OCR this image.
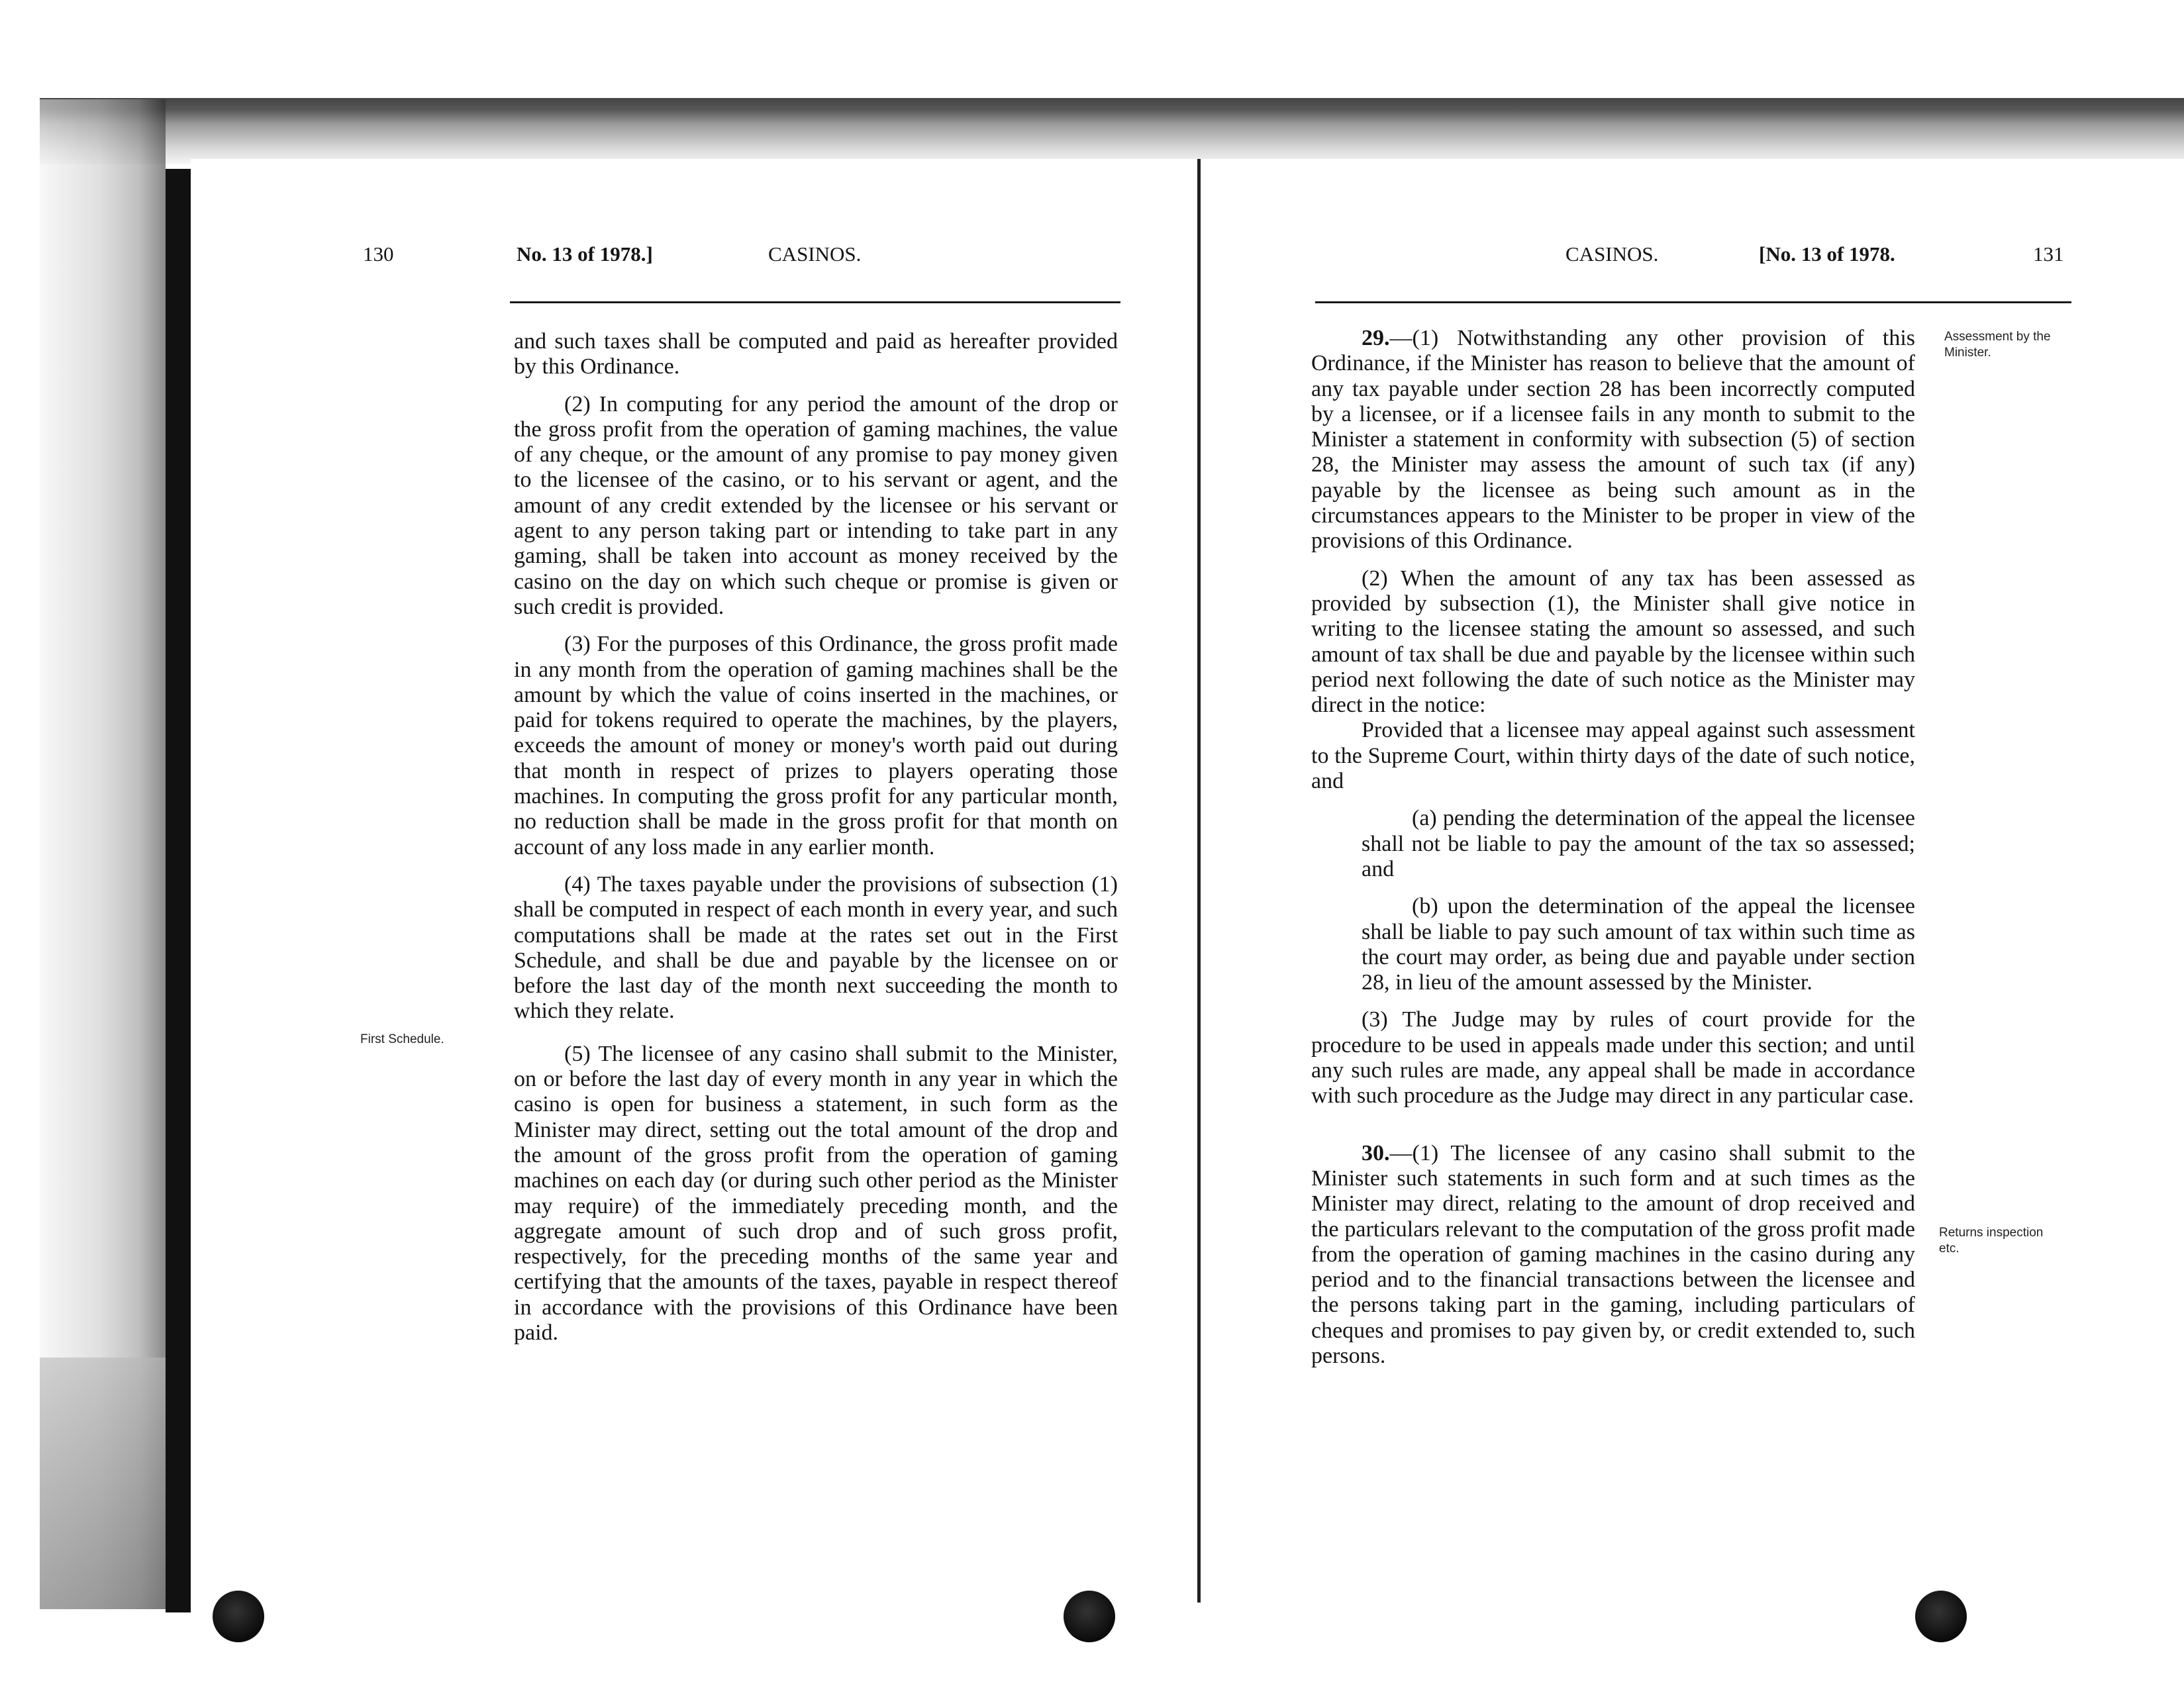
130	No. 13 of 1978.]	CASINOS.

and such taxes shall be computed and paid as hereafter provided by this Ordinance.

(2) In computing for any period the amount of the drop or the gross profit from the operation of gaming machines, the value of any cheque, or the amount of any promise to pay money given to the licensee of the casino, or to his servant or agent, and the amount of any credit extended by the licensee or his servant or agent to any person taking part or intending to take part in any gaming, shall be taken into account as money received by the casino on the day on which such cheque or promise is given or such credit is provided.

(3) For the purposes of this Ordinance, the gross profit made in any month from the operation of gaming machines shall be the amount by which the value of coins inserted in the machines, or paid for tokens required to operate the machines, by the players, exceeds the amount of money or money's worth paid out during that month in respect of prizes to players operating those machines. In computing the gross profit for any particular month, no reduction shall be made in the gross profit for that month on account of any loss made in any earlier month.

(4) The taxes payable under the provisions of subsection (1) shall be computed in respect of each month in every year, and such computations shall be made at the rates set out in the First Schedule, and shall be due and payable by the licensee on or before the last day of the month next succeeding the month to which they relate.

(5) The licensee of any casino shall submit to the Minister, on or before the last day of every month in any year in which the casino is open for business a statement, in such form as the Minister may direct, setting out the total amount of the drop and the amount of the gross profit from the operation of gaming machines on each day (or during such other period as the Minister may require) of the immediately preceding month, and the aggregate amount of such drop and of such gross profit, respectively, for the preceding months of the same year and certifying that the amounts of the taxes, payable in respect thereof in accordance with the provisions of this Ordinance have been paid.

First Schedule.
CASINOS.	[No. 13 of 1978.	131

29.—(1) Notwithstanding any other provision of this Ordinance, if the Minister has reason to believe that the amount of any tax payable under section 28 has been incorrectly computed by a licensee, or if a licensee fails in any month to submit to the Minister a statement in conformity with subsection (5) of section 28, the Minister may assess the amount of such tax (if any) payable by the licensee as being such amount as in the circumstances appears to the Minister to be proper in view of the provisions of this Ordinance.

(2) When the amount of any tax has been assessed as provided by subsection (1), the Minister shall give notice in writing to the licensee stating the amount so assessed, and such amount of tax shall be due and payable by the licensee within such period next following the date of such notice as the Minister may direct in the notice:

Provided that a licensee may appeal against such assessment to the Supreme Court, within thirty days of the date of such notice, and

(a) pending the determination of the appeal the licensee shall not be liable to pay the amount of the tax so assessed; and

(b) upon the determination of the appeal the licensee shall be liable to pay such amount of tax within such time as the court may order, as being due and payable under section 28, in lieu of the amount assessed by the Minister.

(3) The Judge may by rules of court provide for the procedure to be used in appeals made under this section; and until any such rules are made, any appeal shall be made in accordance with such procedure as the Judge may direct in any particular case.

30.—(1) The licensee of any casino shall submit to the Minister such statements in such form and at such times as the Minister may direct, relating to the amount of drop received and the particulars relevant to the computation of the gross profit made from the operation of gaming machines in the casino during any period and to the financial transactions between the licensee and the persons taking part in the gaming, including particulars of cheques and promises to pay given by, or credit extended to, such persons.

Assessment by the Minister.
Returns inspection etc.
